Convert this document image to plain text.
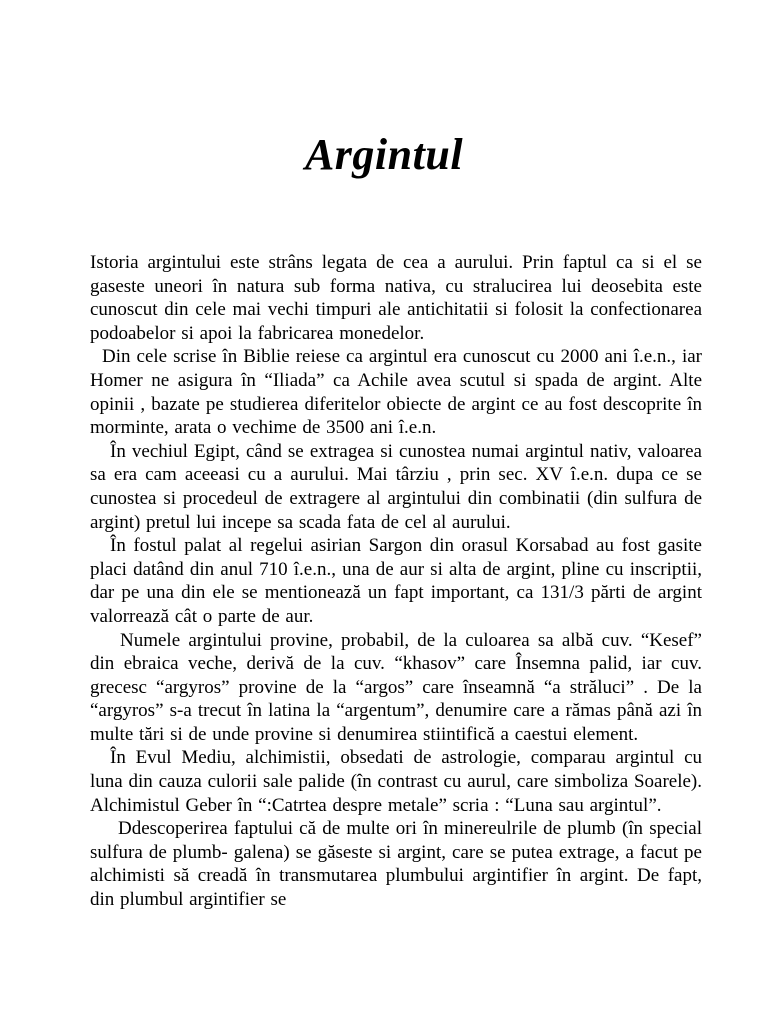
Argintul

Istoria argintului este strâns legata de cea a aurului. Prin faptul ca si el se gaseste uneori în natura sub forma nativa, cu stralucirea lui deosebita este cunoscut din cele mai vechi timpuri ale antichitatii si folosit la confectionarea podoabelor si apoi la fabricarea monedelor.

Din cele scrise în Biblie reiese ca argintul era cunoscut cu 2000 ani î.e.n., iar Homer ne asigura în “Iliada” ca Achile avea scutul si spada de argint. Alte opinii , bazate pe studierea diferitelor obiecte de argint ce au fost descoprite în morminte, arata o vechime de 3500 ani î.e.n.

În vechiul Egipt, când se extragea si cunostea numai argintul nativ, valoarea sa era cam aceeasi cu a aurului. Mai târziu , prin sec. XV î.e.n. dupa ce se cunostea si procedeul de extragere al argintului din combinatii (din sulfura de argint) pretul lui incepe sa scada fata de cel al aurului.

În fostul palat al regelui asirian Sargon din orasul Korsabad au fost gasite placi datând din anul 710 î.e.n., una de aur si alta de argint, pline cu inscriptii, dar pe una din ele se mentionează un fapt important, ca 131/3 părti de argint valorrează cât o parte de aur.

Numele argintului provine, probabil, de la culoarea sa albă cuv. “Kesef” din ebraica veche, derivă de la cuv. “khasov” care Însemna palid, iar cuv. grecesc “argyros” provine de la “argos” care înseamnă “a străluci” . De la “argyros” s-a trecut în latina la “argentum”, denumire care a rămas până azi în multe tări si de unde provine si denumirea stiintifică a caestui element.

În Evul Mediu, alchimistii, obsedati de astrologie, comparau argintul cu luna din cauza culorii sale palide (în contrast cu aurul, care simboliza Soarele). Alchimistul Geber în “:Catrtea despre metale” scria : “Luna sau argintul”.

Ddescoperirea faptului că de multe ori în minereulrile de plumb (în special sulfura de plumb- galena) se găseste si argint, care se putea extrage, a facut pe alchimisti să creadă în transmutarea plumbului argintifier în argint. De fapt, din plumbul argintifier se
